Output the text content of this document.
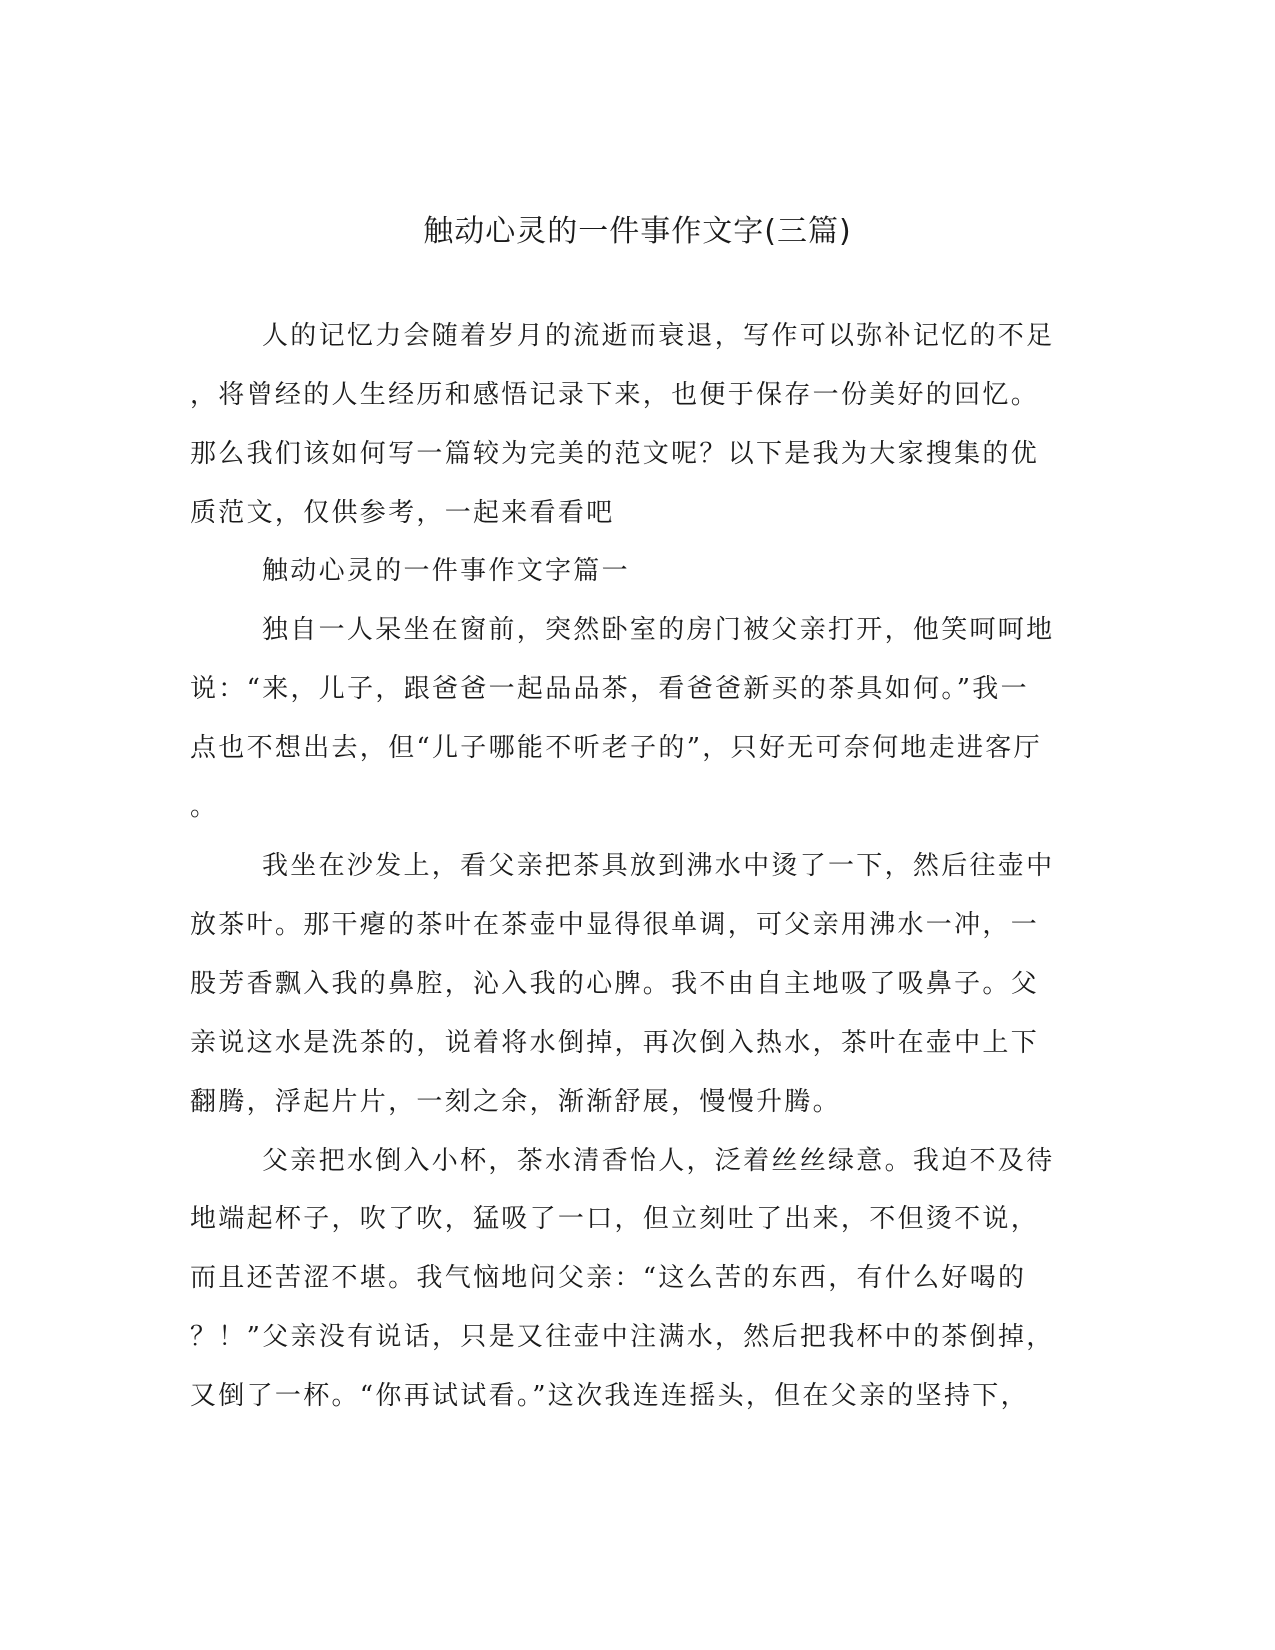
触动心灵的一件事作文字(三篇)
人的记忆力会随着岁月的流逝而衰退，写作可以弥补记忆的不足
，将曾经的人生经历和感悟记录下来，也便于保存一份美好的回忆。
那么我们该如何写一篇较为完美的范文呢？以下是我为大家搜集的优
质范文，仅供参考，一起来看看吧
触动心灵的一件事作文字篇一
独自一人呆坐在窗前，突然卧室的房门被父亲打开，他笑呵呵地
说：“来，儿子，跟爸爸一起品品茶，看爸爸新买的茶具如何。”我一
点也不想出去，但“儿子哪能不听老子的”，只好无可奈何地走进客厅
。
我坐在沙发上，看父亲把茶具放到沸水中烫了一下，然后往壶中
放茶叶。那干瘪的茶叶在茶壶中显得很单调，可父亲用沸水一冲，一
股芳香飘入我的鼻腔，沁入我的心脾。我不由自主地吸了吸鼻子。父
亲说这水是洗茶的，说着将水倒掉，再次倒入热水，茶叶在壶中上下
翻腾，浮起片片，一刻之余，渐渐舒展，慢慢升腾。
父亲把水倒入小杯，茶水清香怡人，泛着丝丝绿意。我迫不及待
地端起杯子，吹了吹，猛吸了一口，但立刻吐了出来，不但烫不说，
而且还苦涩不堪。我气恼地问父亲：“这么苦的东西，有什么好喝的
？！”父亲没有说话，只是又往壶中注满水，然后把我杯中的茶倒掉，
又倒了一杯。“你再试试看。”这次我连连摇头，但在父亲的坚持下，
